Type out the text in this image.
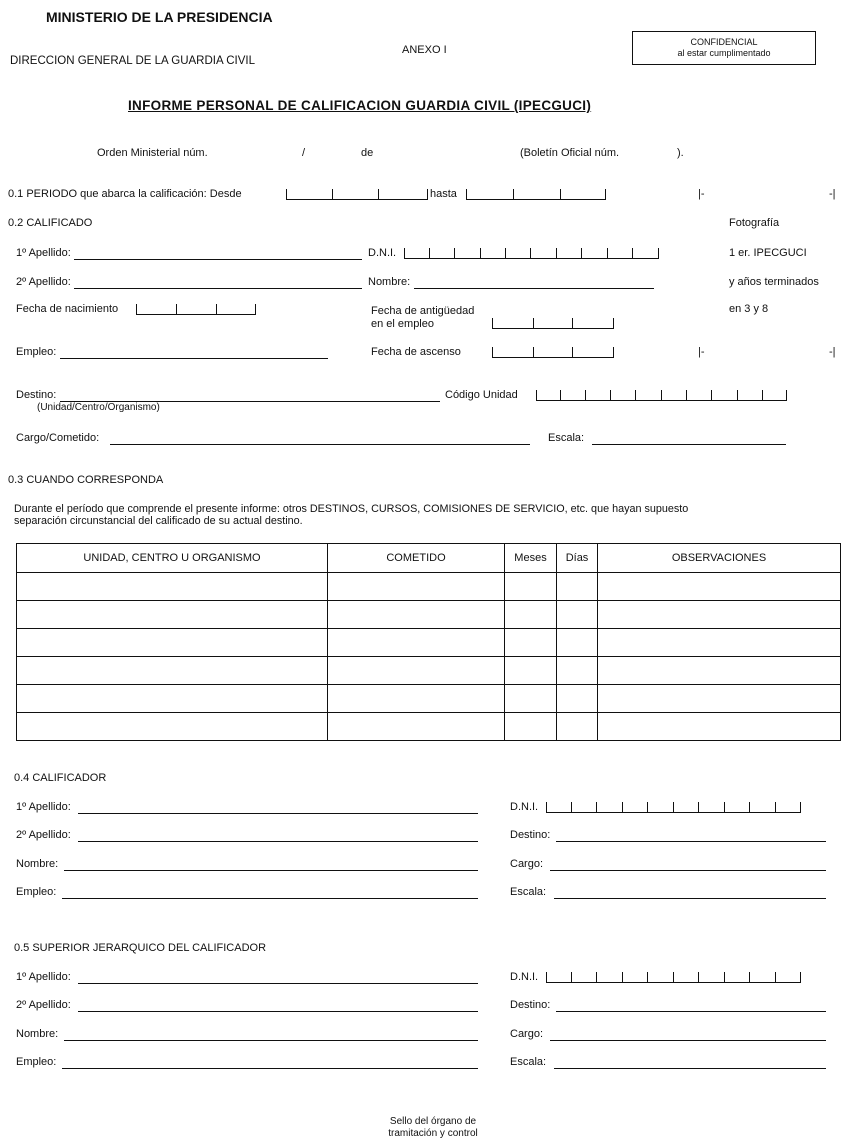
MINISTERIO DE LA PRESIDENCIA
DIRECCION GENERAL DE LA GUARDIA CIVIL
ANEXO I
CONFIDENCIAL
al estar cumplimentado
INFORME PERSONAL DE CALIFICACION GUARDIA CIVIL (IPECGUCI)
Orden Ministerial núm.	/	de	(Boletín Oficial núm.	).
0.1 PERIODO que abarca la calificación: Desde	hasta	|-	-|
0.2 CALIFICADO
1º Apellido:	D.N.I.
2º Apellido:	Nombre:
Fecha de nacimiento	Fecha de antigüedad
en el empleo
Empleo:	Fecha de ascenso	|-	-|
Destino:
(Unidad/Centro/Organismo)
Código Unidad
Cargo/Cometido:	Escala:
Fotografía
1 er. IPECGUCI
y años terminados
en 3 y 8
0.3 CUANDO CORRESPONDA
Durante el período que comprende el presente informe: otros DESTINOS, CURSOS, COMISIONES DE SERVICIO, etc. que hayan supuesto
separación circunstancial del calificado de su actual destino.
UNIDAD, CENTRO U ORGANISMO	COMETIDO	Meses	Días	OBSERVACIONES

0.4 CALIFICADOR
1º Apellido:
2º Apellido:
Nombre:
Empleo:
D.N.I.
Destino:
Cargo:
Escala:
0.5 SUPERIOR JERARQUICO DEL CALIFICADOR
1º Apellido:
2º Apellido:
Nombre:
Empleo:
D.N.I.
Destino:
Cargo:
Escala:
Sello del órgano de
tramitación y control
